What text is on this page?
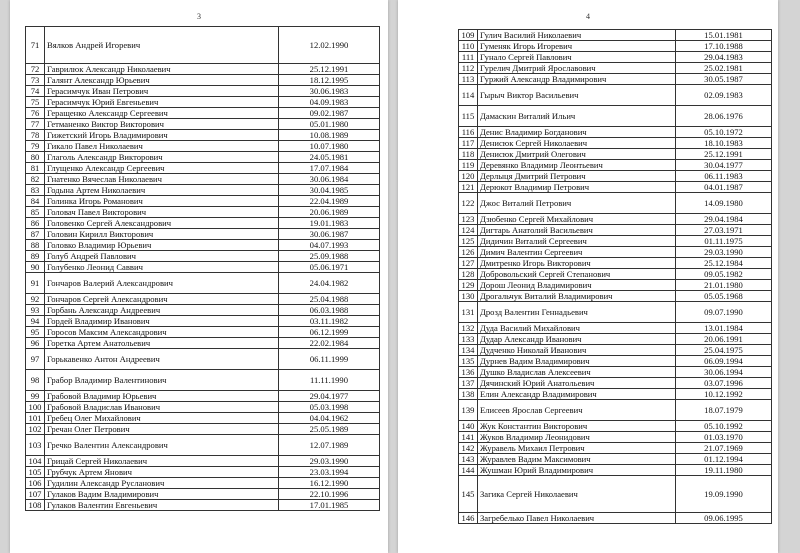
3
71	Вялков Андрей Игоревич	12.02.1990
72	Гаврилюк Александр Николаевич	25.12.1991
73	Галянт Александр Юрьевич	18.12.1995
74	Герасимчук Иван Петрович	30.06.1983
75	Герасимчук Юрий Евгеньевич	04.09.1983
76	Геращенко Александр Сергеевич	09.02.1987
77	Гетманенко Виктор Викторович	05.01.1980
78	Гижетский Игорь Владимирович	10.08.1989
79	Гикало Павел Николаевич	10.07.1980
80	Глаголь Александр Викторович	24.05.1981
81	Глущенко Александр Сергеевич	17.07.1984
82	Гнатенко Вячеслав Николаевич	30.06.1984
83	Годына Артем Николаевич	30.04.1985
84	Голинка Игорь Романович	22.04.1989
85	Головач Павел Викторович	20.06.1989
86	Головенко Сергей Александрович	19.01.1983
87	Головин Кирилл Викторович	30.06.1987
88	Головко Владимир Юрьевич	04.07.1993
89	Голуб Андрей Павлович	25.09.1988
90	Голубенко Леонид Саввич	05.06.1971
91	Гончаров Валерий Александрович	24.04.1982
92	Гончаров Сергей Александрович	25.04.1988
93	Горбань Александр Андреевич	06.03.1988
94	Гордей Владимир Иванович	03.11.1982
95	Горосов Максим Александрович	06.12.1999
96	Горетка Артем Анатольевич	22.02.1984
97	Горькавенко Антон Андреевич	06.11.1999
98	Грабор Владимир Валентинович	11.11.1990
99	Грабовой Владимир Юрьевич	29.04.1977
100	Грабовой Владислав Иванович	05.03.1998
101	Гребец Олег Михайлович	04.04.1962
102	Гречан Олег Петрович	25.05.1989
103	Гречко Валентин Александрович	12.07.1989
104	Грицай Сергей Николаевич	29.03.1990
105	Грубчук Артем Янович	23.03.1994
106	Гудилин Александр Русланович	16.12.1990
107	Гулаков Вадим Владимирович	22.10.1996
108	Гулаков Валентин Евгеньевич	17.01.1985
4
109	Гулич Василий Николаевич	15.01.1981
110	Гуменяк Игорь Игоревич	17.10.1988
111	Гунало Сергей Павлович	29.04.1983
112	Гурелич Дмитрий Ярославович	25.02.1981
113	Гуржий Александр Владимирович	30.05.1987
114	Гырыч Виктор Васильевич	02.09.1983
115	Дамаскин Виталий Ильич	28.06.1976
116	Денис Владимир Богданович	05.10.1972
117	Денисюк Сергей Николаевич	18.10.1983
118	Денисюк Дмитрий Олегович	25.12.1991
119	Деревянко Владимир Леонтьевич	30.04.1977
120	Дерлыця Дмитрий Петрович	06.11.1983
121	Дерюкот Владимир Петрович	04.01.1987
122	Джос Виталий Петрович	14.09.1980
123	Дзюбенко Сергей Михайлович	29.04.1984
124	Дигтарь Анатолий Васильевич	27.03.1971
125	Дидичин Виталий Сергеевич	01.11.1975
126	Димич Валентин Сергеевич	29.03.1990
127	Дмитренко Игорь Викторович	25.12.1984
128	Добровольский Сергей Степанович	09.05.1982
129	Дорош Леонид Владимирович	21.01.1980
130	Дрогальчук Виталий Владимирович	05.05.1968
131	Дрозд Валентин Геннадьевич	09.07.1990
132	Дуда Василий Михайлович	13.01.1984
133	Дудар Александр Иванович	20.06.1991
134	Дудченко Николай Иванович	25.04.1975
135	Дурнев Вадим Владимирович	06.09.1994
136	Душко Владислав Алексеевич	30.06.1994
137	Дячинский Юрий Анатольевич	03.07.1996
138	Елин Александр Владимирович	10.12.1992
139	Елисеев Ярослав Сергеевич	18.07.1979
140	Жук Константин Викторович	05.10.1992
141	Жуков Владимир Леонидович	01.03.1970
142	Журавель Михаил Петрович	21.07.1969
143	Журавлев Вадим Максимович	01.12.1994
144	Жушман Юрий Владимирович	19.11.1980
145	Загика Сергей Николаевич	19.09.1990
146	Загребелько Павел Николаевич	09.06.1995
